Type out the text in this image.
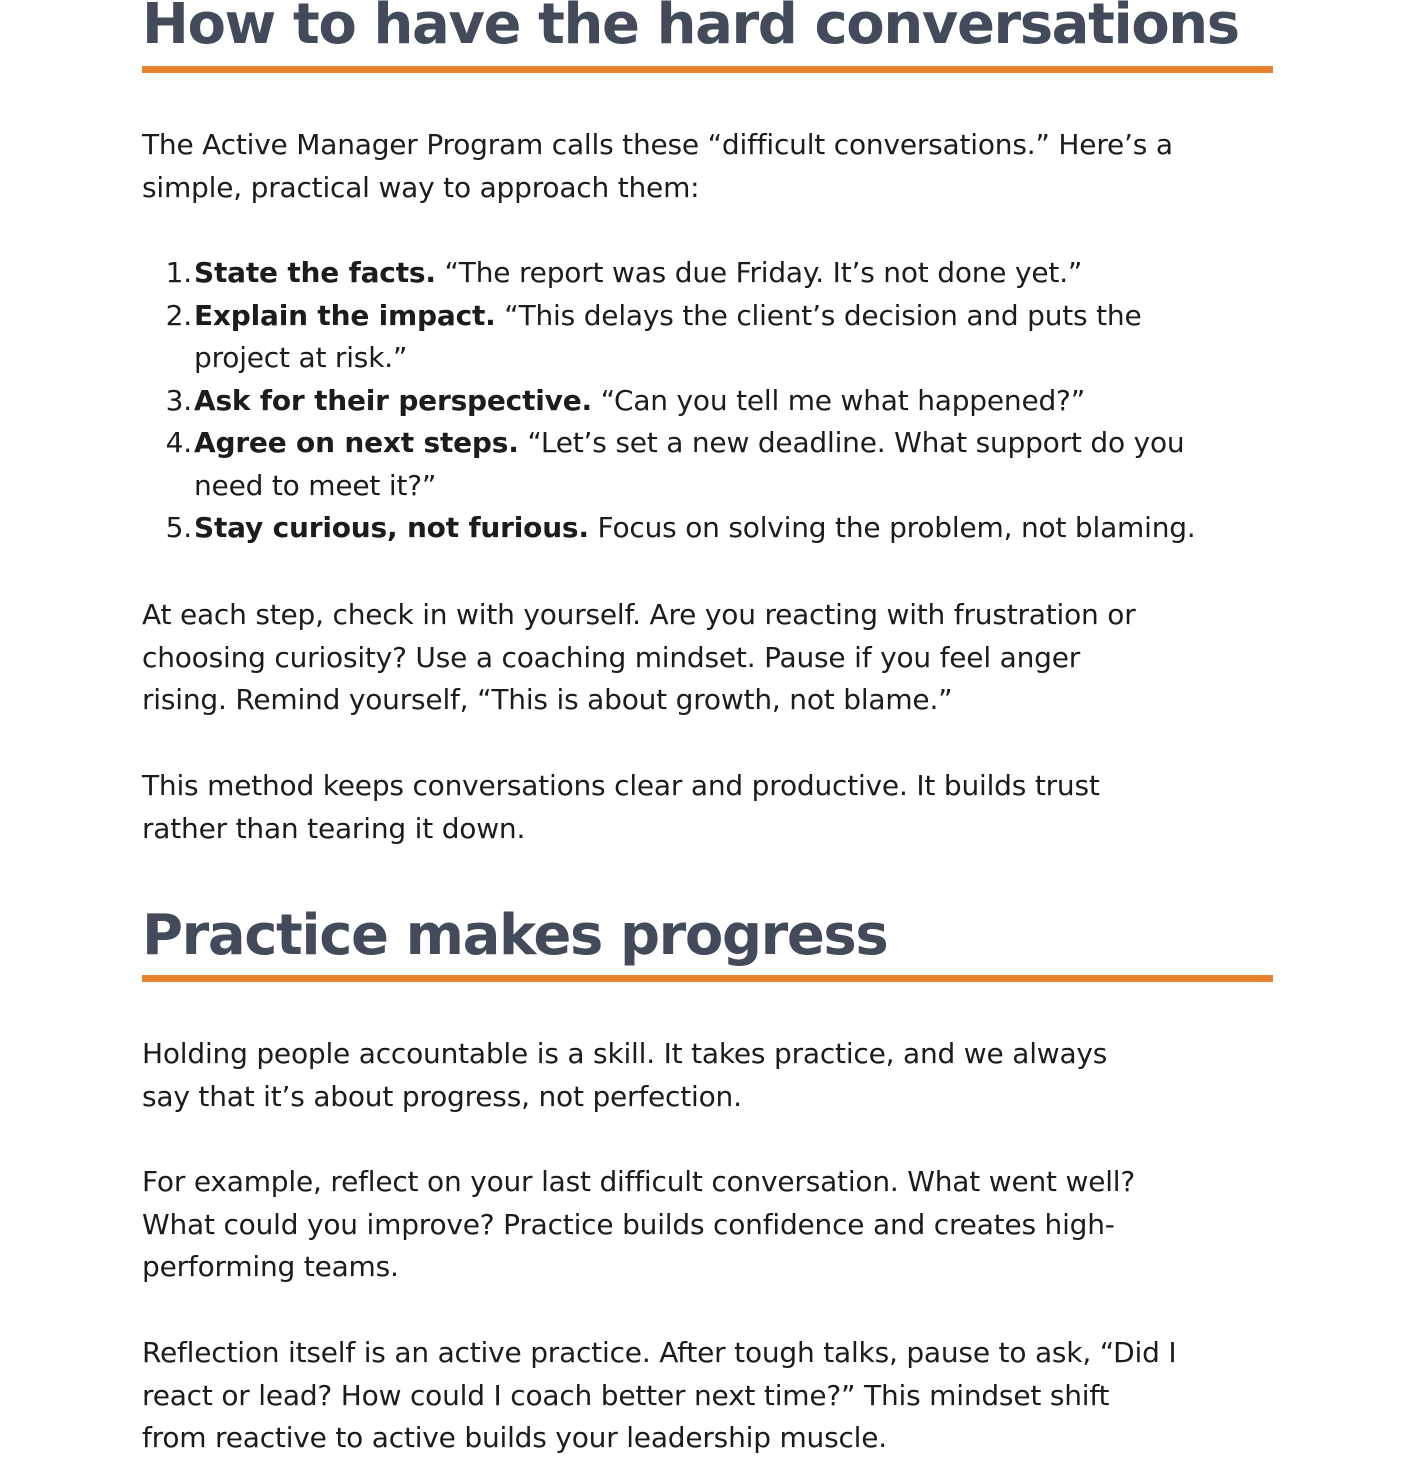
How to have the hard conversations

The Active Manager Program calls these “difficult conversations.” Here’s a
simple, practical way to approach them:

1. State the facts. “The report was due Friday. It’s not done yet.”
2. Explain the impact. “This delays the client’s decision and puts the
project at risk.”
3. Ask for their perspective. “Can you tell me what happened?”
4. Agree on next steps. “Let’s set a new deadline. What support do you
need to meet it?”
5. Stay curious, not furious. Focus on solving the problem, not blaming.

At each step, check in with yourself. Are you reacting with frustration or
choosing curiosity? Use a coaching mindset. Pause if you feel anger
rising. Remind yourself, “This is about growth, not blame.”

This method keeps conversations clear and productive. It builds trust
rather than tearing it down.

Practice makes progress

Holding people accountable is a skill. It takes practice, and we always
say that it’s about progress, not perfection.

For example, reflect on your last difficult conversation. What went well?
What could you improve? Practice builds confidence and creates high-
performing teams.

Reflection itself is an active practice. After tough talks, pause to ask, “Did I
react or lead? How could I coach better next time?” This mindset shift
from reactive to active builds your leadership muscle.
